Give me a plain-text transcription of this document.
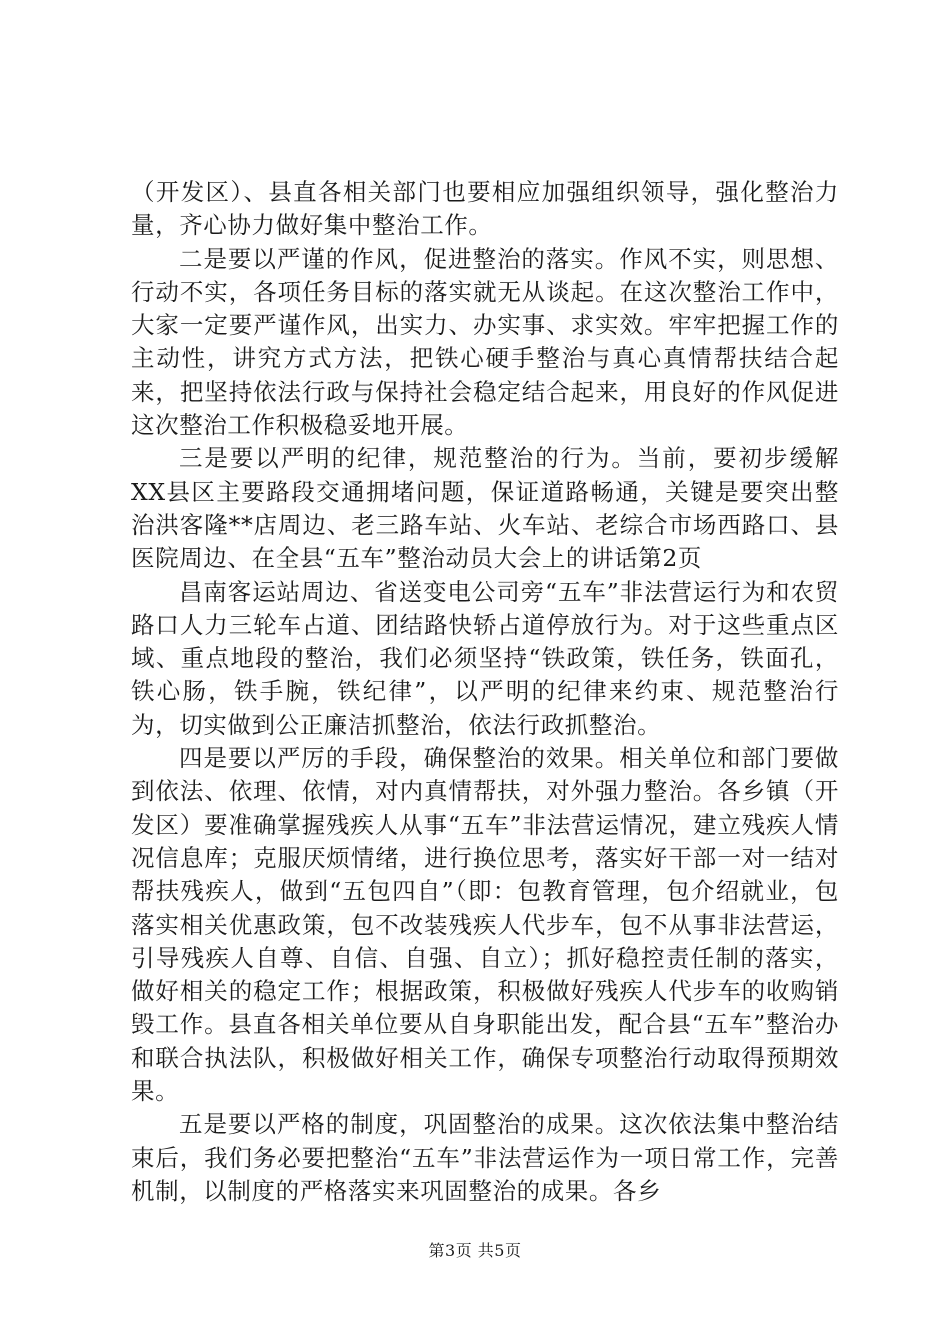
（开发区）、县直各相关部门也要相应加强组织领导，强化整治力量，齐心协力做好集中整治工作。

二是要以严谨的作风，促进整治的落实。作风不实，则思想、行动不实，各项任务目标的落实就无从谈起。在这次整治工作中，大家一定要严谨作风，出实力、办实事、求实效。牢牢把握工作的主动性，讲究方式方法，把铁心硬手整治与真心真情帮扶结合起来，把坚持依法行政与保持社会稳定结合起来，用良好的作风促进这次整治工作积极稳妥地开展。

三是要以严明的纪律，规范整治的行为。当前，要初步缓解XX县区主要路段交通拥堵问题，保证道路畅通，关键是要突出整治洪客隆**店周边、老三路车站、火车站、老综合市场西路口、县医院周边、在全县“五车”整治动员大会上的讲话第2页

昌南客运站周边、省送变电公司旁“五车”非法营运行为和农贸路口人力三轮车占道、团结路快轿占道停放行为。对于这些重点区域、重点地段的整治，我们必须坚持“铁政策，铁任务，铁面孔，铁心肠，铁手腕，铁纪律”，以严明的纪律来约束、规范整治行为，切实做到公正廉洁抓整治，依法行政抓整治。

四是要以严厉的手段，确保整治的效果。相关单位和部门要做到依法、依理、依情，对内真情帮扶，对外强力整治。各乡镇（开发区）要准确掌握残疾人从事“五车”非法营运情况，建立残疾人情况信息库；克服厌烦情绪，进行换位思考，落实好干部一对一结对帮扶残疾人，做到“五包四自”（即：包教育管理，包介绍就业，包落实相关优惠政策，包不改装残疾人代步车，包不从事非法营运，引导残疾人自尊、自信、自强、自立）；抓好稳控责任制的落实，做好相关的稳定工作；根据政策，积极做好残疾人代步车的收购销毁工作。县直各相关单位要从自身职能出发，配合县“五车”整治办和联合执法队，积极做好相关工作，确保专项整治行动取得预期效果。

五是要以严格的制度，巩固整治的成果。这次依法集中整治结束后，我们务必要把整治“五车”非法营运作为一项日常工作，完善机制，以制度的严格落实来巩固整治的成果。各乡

第3页 共5页
